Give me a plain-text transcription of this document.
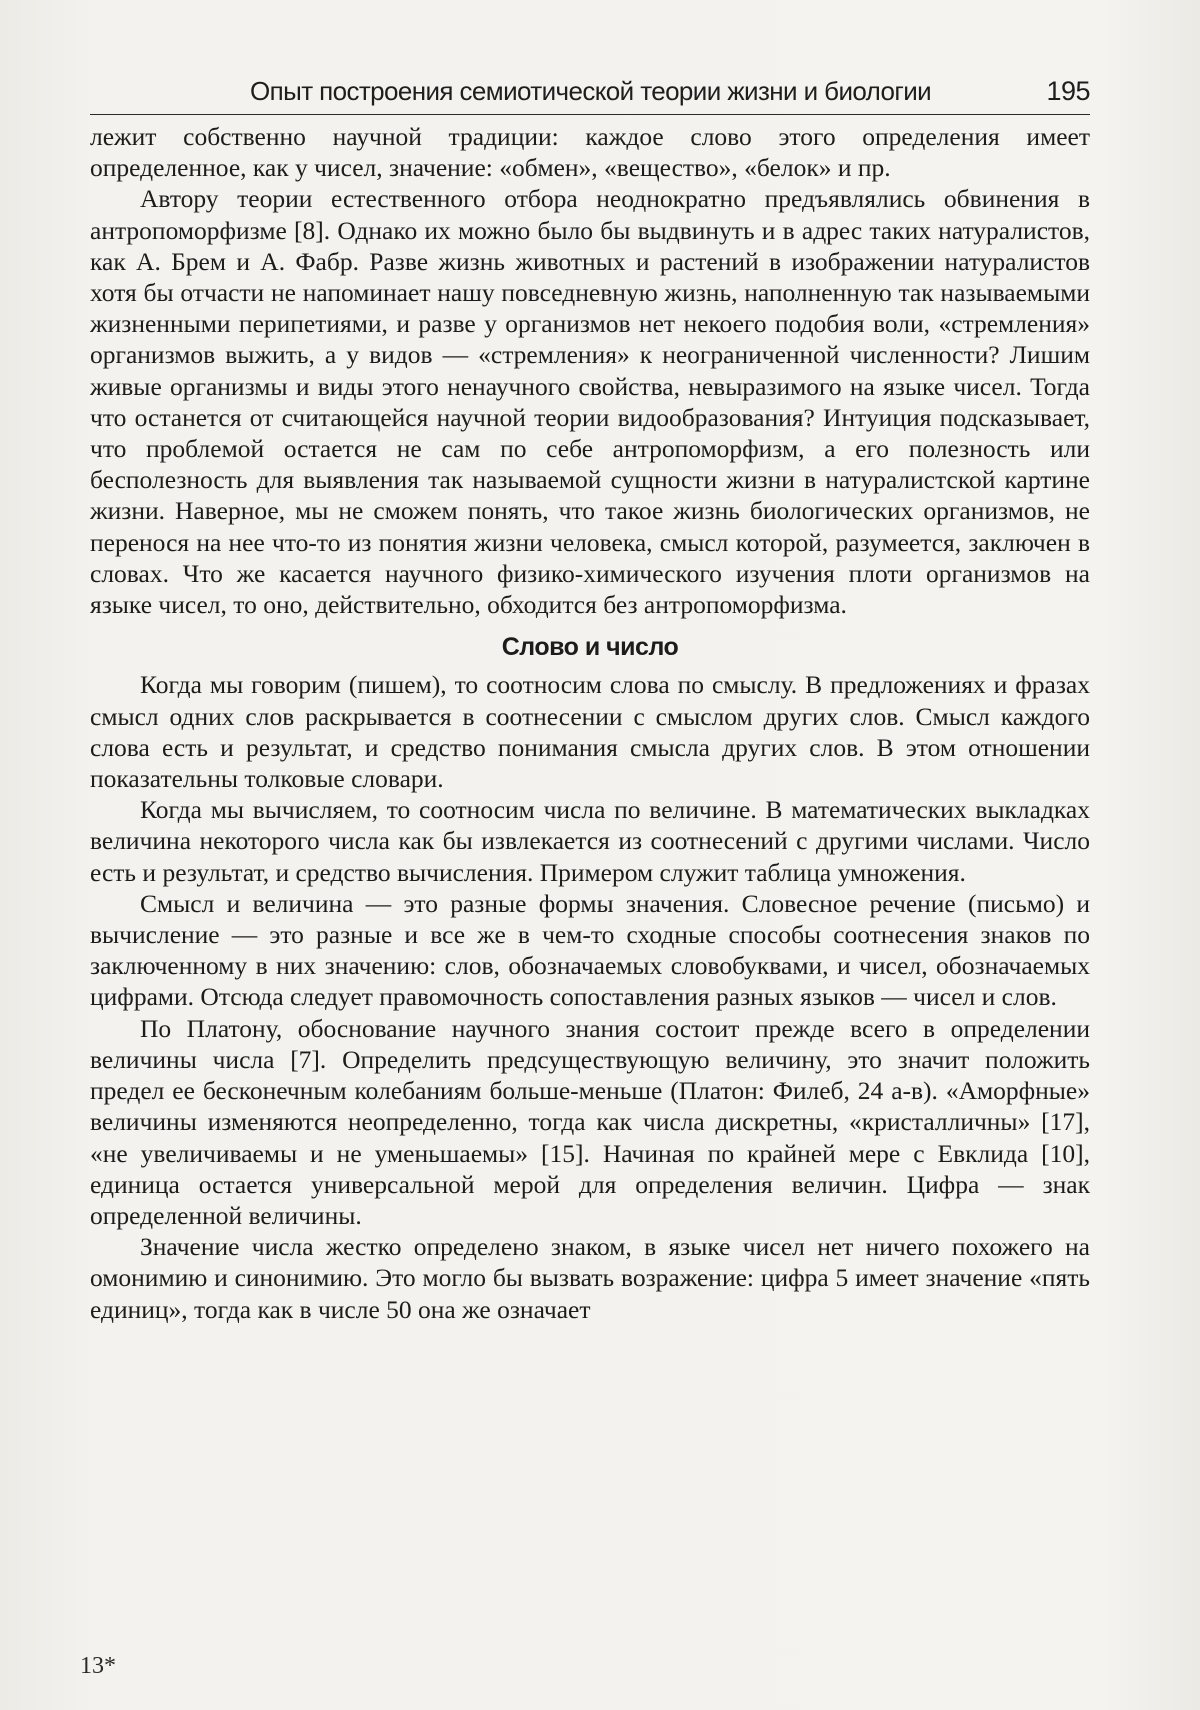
Опыт построения семиотической теории жизни и биологии	195

лежит собственно научной традиции: каждое слово этого определения имеет определенное, как у чисел, значение: «обмен», «вещество», «белок» и пр.

Автору теории естественного отбора неоднократно предъявлялись обвинения в антропоморфизме [8]. Однако их можно было бы выдвинуть и в адрес таких натуралистов, как А. Брем и А. Фабр. Разве жизнь животных и растений в изображении натуралистов хотя бы отчасти не напоминает нашу повседневную жизнь, наполненную так называемыми жизненными перипетиями, и разве у организмов нет некоего подобия воли, «стремления» организмов выжить, а у видов — «стремления» к неограниченной численности? Лишим живые организмы и виды этого ненаучного свойства, невыразимого на языке чисел. Тогда что останется от считающейся научной теории видообразования? Интуиция подсказывает, что проблемой остается не сам по себе антропоморфизм, а его полезность или бесполезность для выявления так называемой сущности жизни в натуралистской картине жизни. Наверное, мы не сможем понять, что такое жизнь биологических организмов, не перенося на нее что-то из понятия жизни человека, смысл которой, разумеется, заключен в словах. Что же касается научного физико-химического изучения плоти организмов на языке чисел, то оно, действительно, обходится без антропоморфизма.

Слово и число

Когда мы говорим (пишем), то соотносим слова по смыслу. В предложениях и фразах смысл одних слов раскрывается в соотнесении с смыслом других слов. Смысл каждого слова есть и результат, и средство понимания смысла других слов. В этом отношении показательны толковые словари.

Когда мы вычисляем, то соотносим числа по величине. В математических выкладках величина некоторого числа как бы извлекается из соотнесений с другими числами. Число есть и результат, и средство вычисления. Примером служит таблица умножения.

Смысл и величина — это разные формы значения. Словесное речение (письмо) и вычисление — это разные и все же в чем-то сходные способы соотнесения знаков по заключенному в них значению: слов, обозначаемых словобуквами, и чисел, обозначаемых цифрами. Отсюда следует правомочность сопоставления разных языков — чисел и слов.

По Платону, обоснование научного знания состоит прежде всего в определении величины числа [7]. Определить предсуществующую величину, это значит положить предел ее бесконечным колебаниям больше-меньше (Платон: Филеб, 24 а-в). «Аморфные» величины изменяются неопределенно, тогда как числа дискретны, «кристалличны» [17], «не увеличиваемы и не уменьшаемы» [15]. Начиная по крайней мере с Евклида [10], единица остается универсальной мерой для определения величин. Цифра — знак определенной величины.

Значение числа жестко определено знаком, в языке чисел нет ничего похожего на омонимию и синонимию. Это могло бы вызвать возражение: цифра 5 имеет значение «пять единиц», тогда как в числе 50 она же означает

13*
